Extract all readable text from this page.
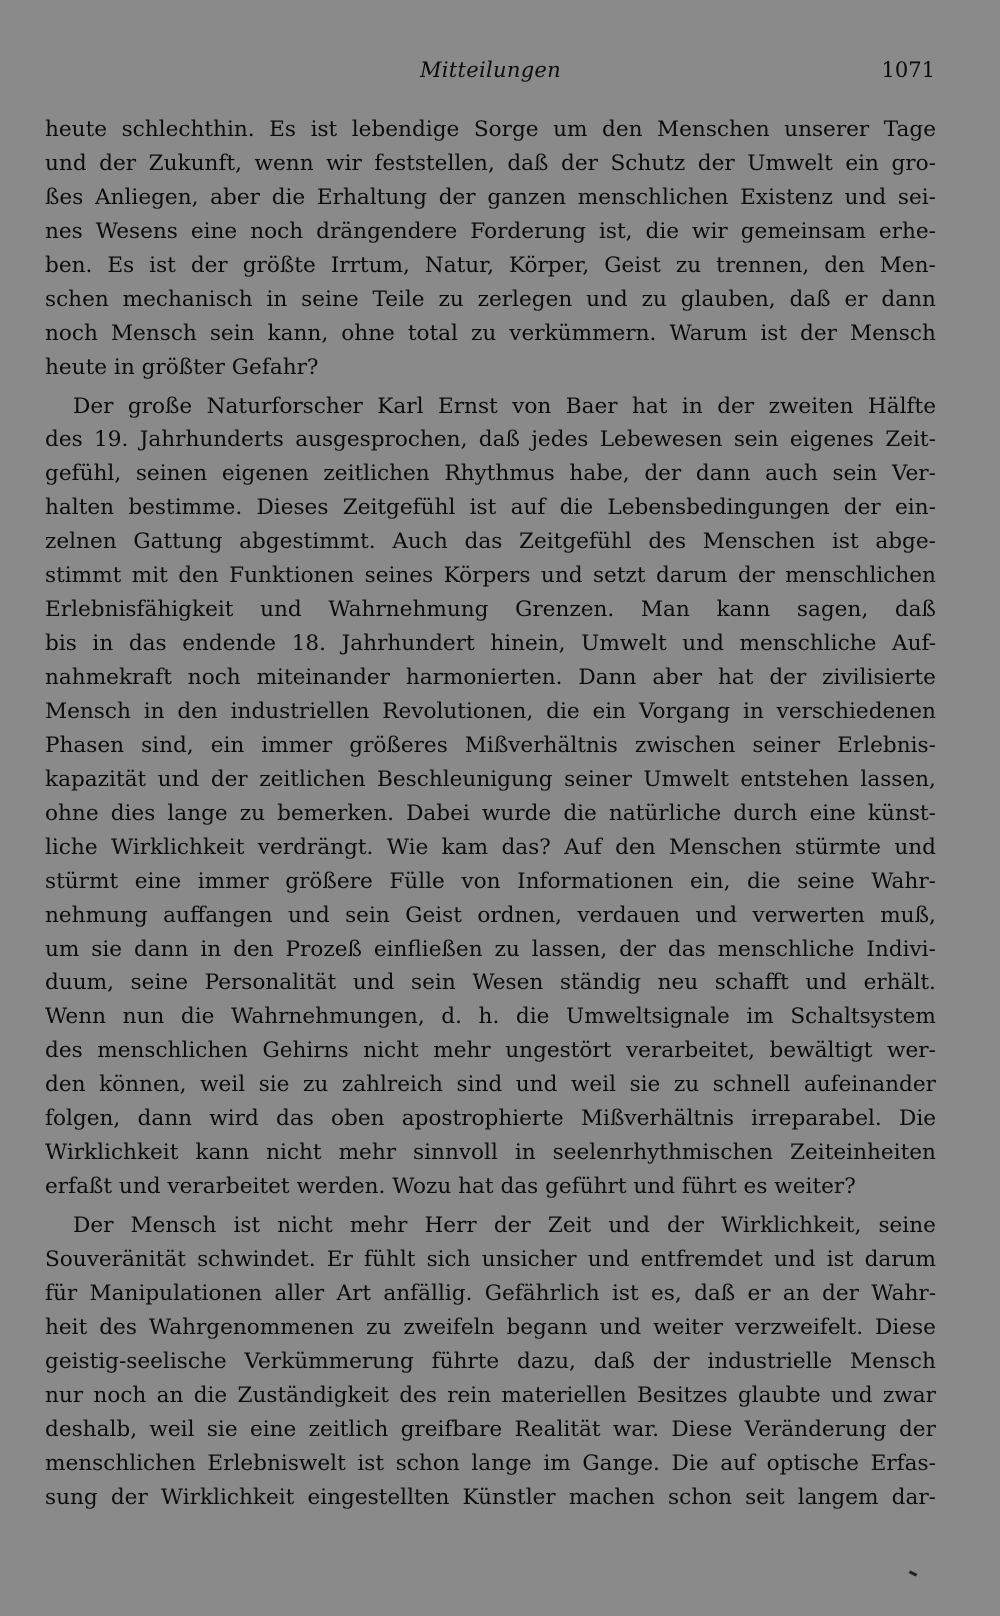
Mitteilungen	1071
heute schlechthin. Es ist lebendige Sorge um den Menschen unserer Tage
und der Zukunft, wenn wir feststellen, daß der Schutz der Umwelt ein gro-
ßes Anliegen, aber die Erhaltung der ganzen menschlichen Existenz und sei-
nes Wesens eine noch drängendere Forderung ist, die wir gemeinsam erhe-
ben. Es ist der größte Irrtum, Natur, Körper, Geist zu trennen, den Men-
schen mechanisch in seine Teile zu zerlegen und zu glauben, daß er dann
noch Mensch sein kann, ohne total zu verkümmern. Warum ist der Mensch
heute in größter Gefahr?
Der große Naturforscher Karl Ernst von Baer hat in der zweiten Hälfte
des 19. Jahrhunderts ausgesprochen, daß jedes Lebewesen sein eigenes Zeit-
gefühl, seinen eigenen zeitlichen Rhythmus habe, der dann auch sein Ver-
halten bestimme. Dieses Zeitgefühl ist auf die Lebensbedingungen der ein-
zelnen Gattung abgestimmt. Auch das Zeitgefühl des Menschen ist abge-
stimmt mit den Funktionen seines Körpers und setzt darum der menschlichen
Erlebnisfähigkeit und Wahrnehmung Grenzen. Man kann sagen, daß
bis in das endende 18. Jahrhundert hinein, Umwelt und menschliche Auf-
nahmekraft noch miteinander harmonierten. Dann aber hat der zivilisierte
Mensch in den industriellen Revolutionen, die ein Vorgang in verschiedenen
Phasen sind, ein immer größeres Mißverhältnis zwischen seiner Erlebnis-
kapazität und der zeitlichen Beschleunigung seiner Umwelt entstehen lassen,
ohne dies lange zu bemerken. Dabei wurde die natürliche durch eine künst-
liche Wirklichkeit verdrängt. Wie kam das? Auf den Menschen stürmte und
stürmt eine immer größere Fülle von Informationen ein, die seine Wahr-
nehmung auffangen und sein Geist ordnen, verdauen und verwerten muß,
um sie dann in den Prozeß einfließen zu lassen, der das menschliche Indivi-
duum, seine Personalität und sein Wesen ständig neu schafft und erhält.
Wenn nun die Wahrnehmungen, d. h. die Umweltsignale im Schaltsystem
des menschlichen Gehirns nicht mehr ungestört verarbeitet, bewältigt wer-
den können, weil sie zu zahlreich sind und weil sie zu schnell aufeinander
folgen, dann wird das oben apostrophierte Mißverhältnis irreparabel. Die
Wirklichkeit kann nicht mehr sinnvoll in seelenrhythmischen Zeiteinheiten
erfaßt und verarbeitet werden. Wozu hat das geführt und führt es weiter?
Der Mensch ist nicht mehr Herr der Zeit und der Wirklichkeit, seine
Souveränität schwindet. Er fühlt sich unsicher und entfremdet und ist darum
für Manipulationen aller Art anfällig. Gefährlich ist es, daß er an der Wahr-
heit des Wahrgenommenen zu zweifeln begann und weiter verzweifelt. Diese
geistig-seelische Verkümmerung führte dazu, daß der industrielle Mensch
nur noch an die Zuständigkeit des rein materiellen Besitzes glaubte und zwar
deshalb, weil sie eine zeitlich greifbare Realität war. Diese Veränderung der
menschlichen Erlebniswelt ist schon lange im Gange. Die auf optische Erfas-
sung der Wirklichkeit eingestellten Künstler machen schon seit langem dar-
